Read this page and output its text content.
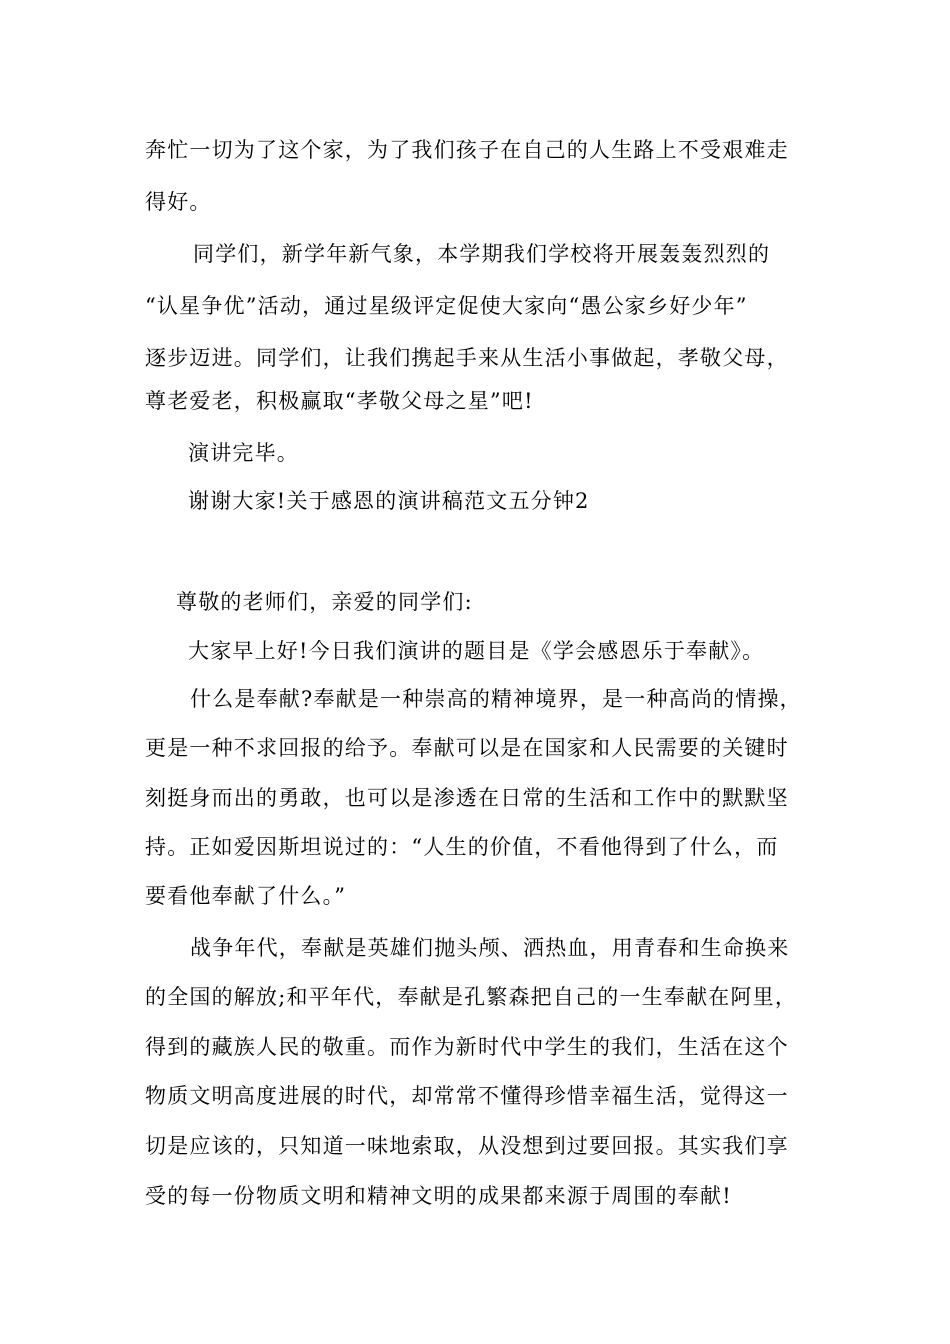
奔忙一切为了这个家，为了我们孩子在自己的人生路上不受艰难走
得好。
同学们，新学年新气象，本学期我们学校将开展轰轰烈烈的
“认星争优”活动，通过星级评定促使大家向“愚公家乡好少年”
逐步迈进。同学们，让我们携起手来从生活小事做起，孝敬父母，
尊老爱老，积极赢取“孝敬父母之星”吧!
演讲完毕。
谢谢大家!关于感恩的演讲稿范文五分钟2
尊敬的老师们，亲爱的同学们:
大家早上好!今日我们演讲的题目是《学会感恩乐于奉献》。
什么是奉献?奉献是一种崇高的精神境界，是一种高尚的情操，
更是一种不求回报的给予。奉献可以是在国家和人民需要的关键时
刻挺身而出的勇敢，也可以是渗透在日常的生活和工作中的默默坚
持。正如爱因斯坦说过的：“人生的价值，不看他得到了什么，而
要看他奉献了什么。”
战争年代，奉献是英雄们抛头颅、洒热血，用青春和生命换来
的全国的解放;和平年代，奉献是孔繁森把自己的一生奉献在阿里，
得到的藏族人民的敬重。而作为新时代中学生的我们，生活在这个
物质文明高度进展的时代，却常常不懂得珍惜幸福生活，觉得这一
切是应该的，只知道一味地索取，从没想到过要回报。其实我们享
受的每一份物质文明和精神文明的成果都来源于周围的奉献!
